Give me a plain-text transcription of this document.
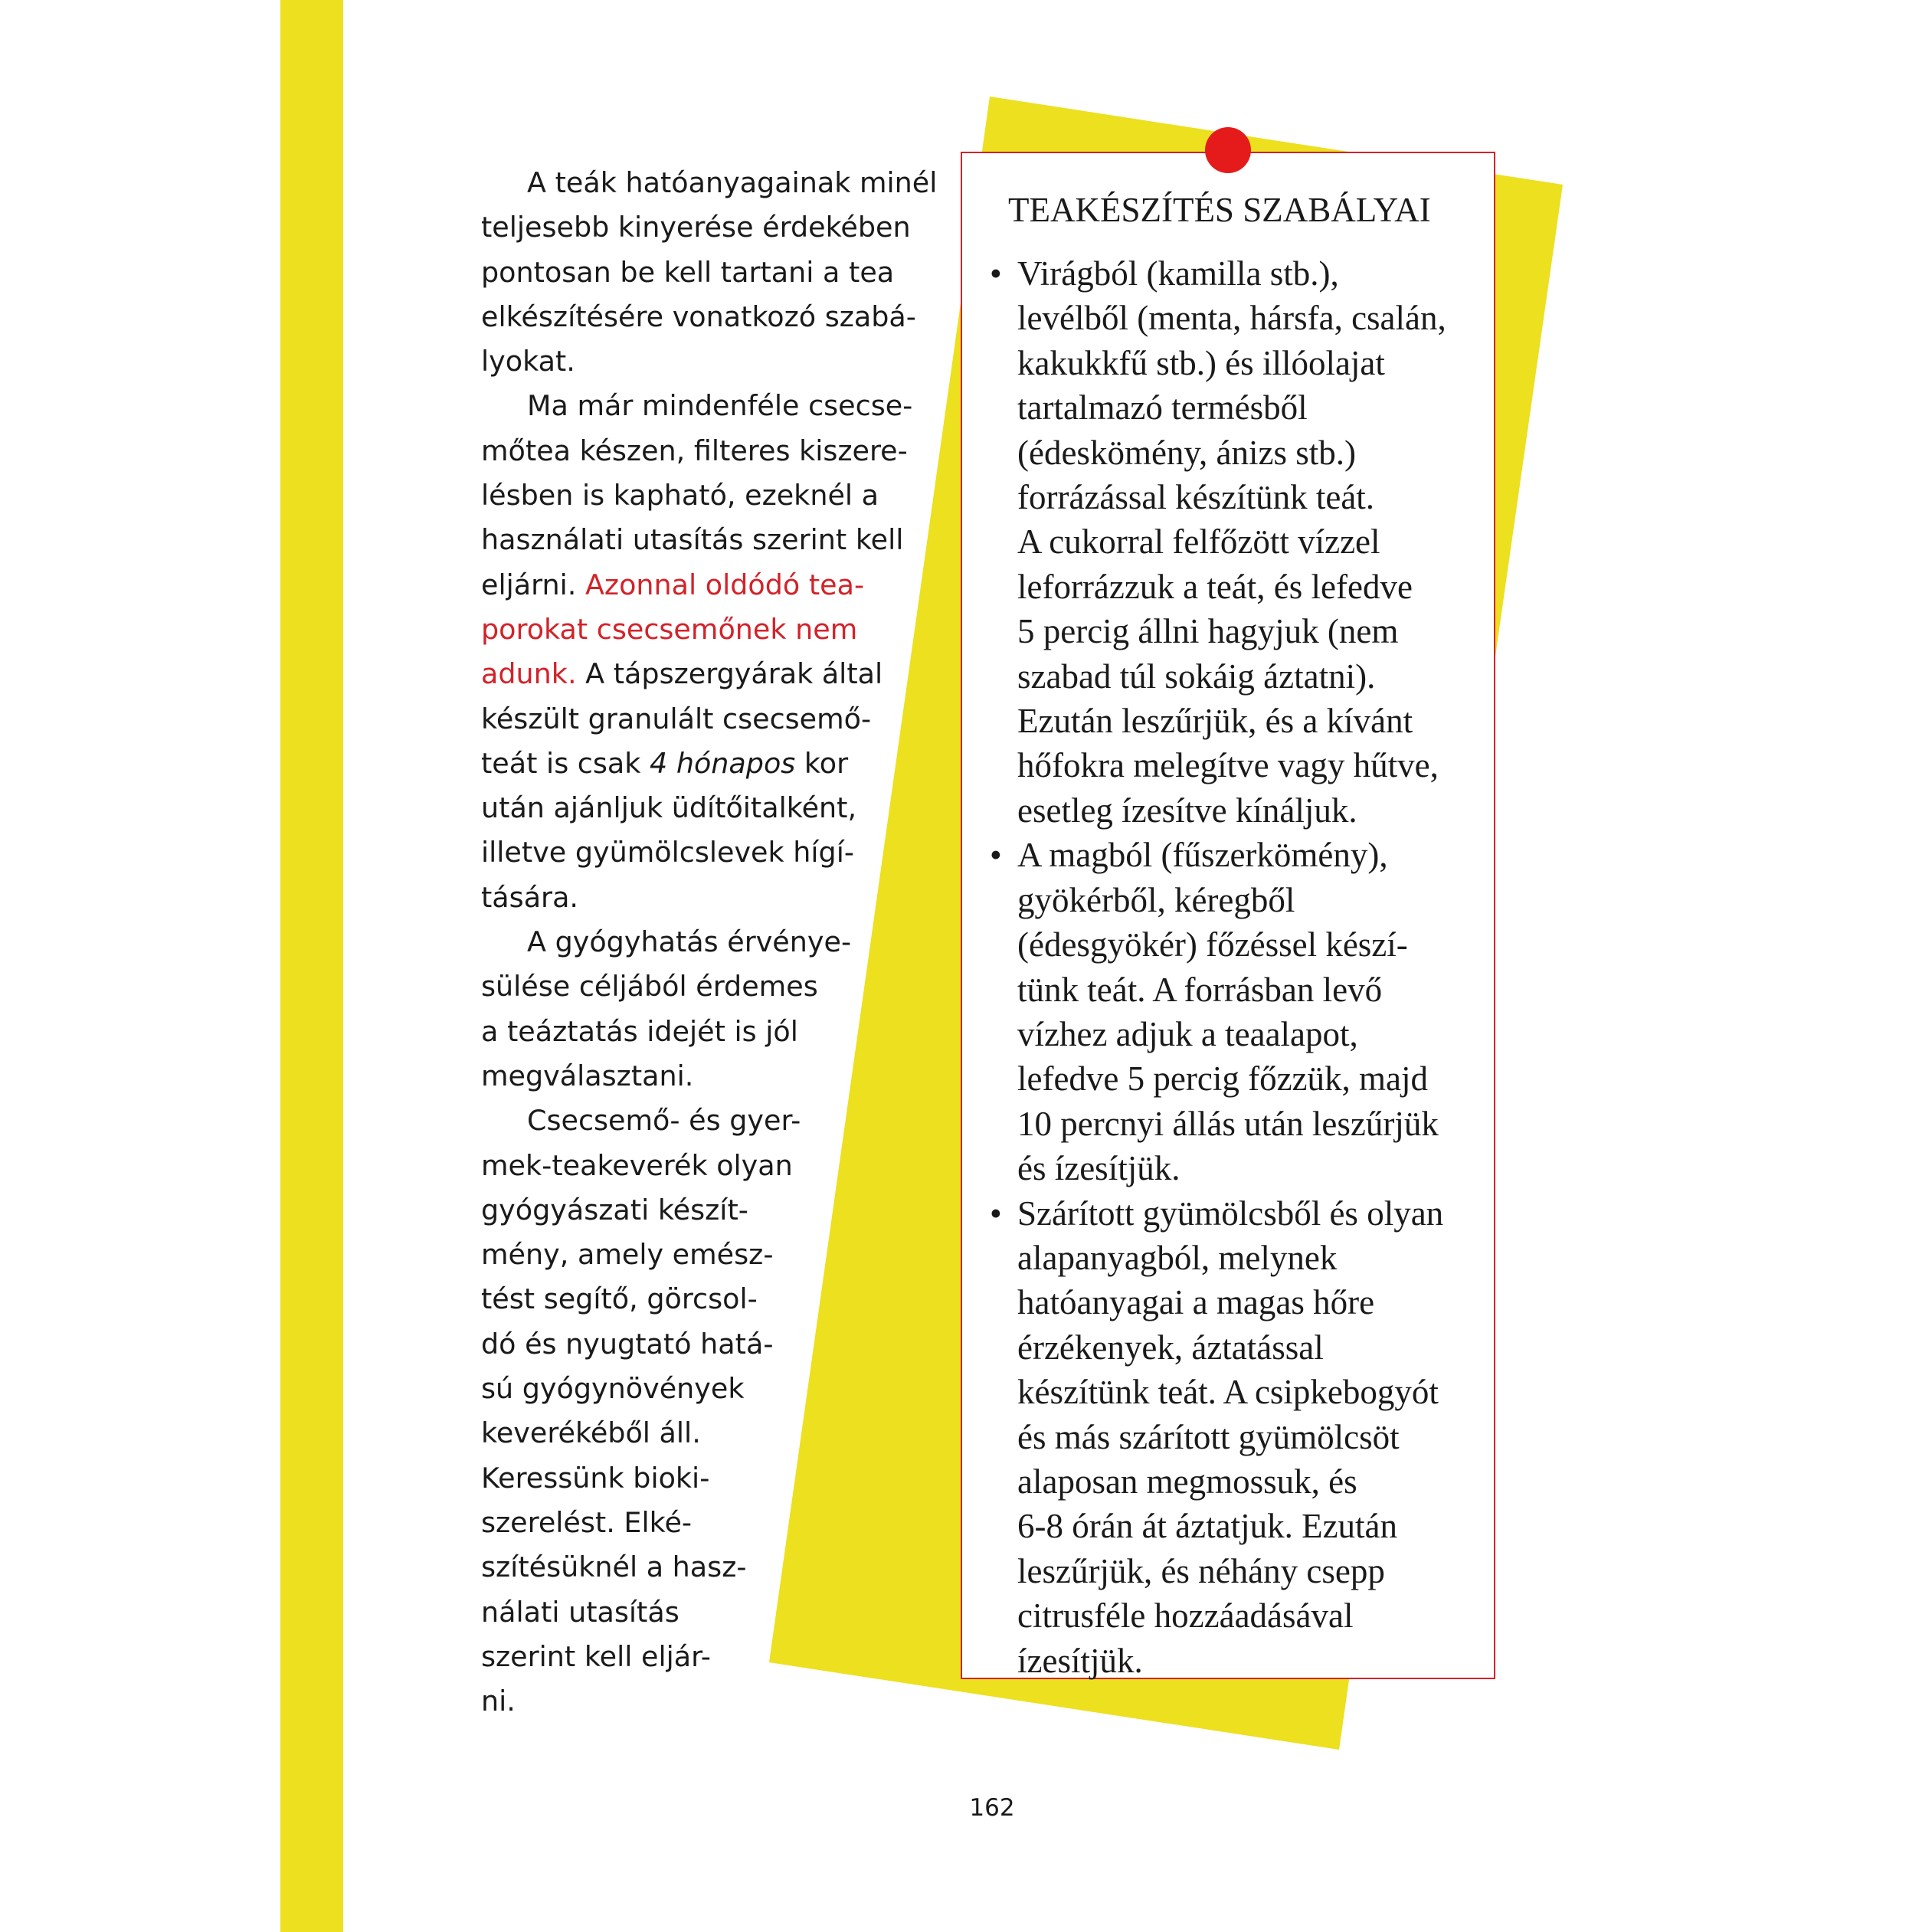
A teák hatóanyagainak minél
teljesebb kinyerése érdekében
pontosan be kell tartani a tea
elkészítésére vonatkozó szabá-
lyokat.
Ma már mindenféle csecse-
mőtea készen, filteres kiszere-
lésben is kapható, ezeknél a
használati utasítás szerint kell
eljárni. Azonnal oldódó tea-
porokat csecsemőnek nem
adunk. A tápszergyárak által
készült granulált csecsemő-
teát is csak 4 hónapos kor
után ajánljuk üdítőitalként,
illetve gyümölcslevek hígí-
tására.
A gyógyhatás érvénye-
sülése céljából érdemes
a teáztatás idejét is jól
megválasztani.
Csecsemő- és gyer-
mek-teakeverék olyan
gyógyászati készít-
mény, amely emész-
tést segítő, görcsol-
dó és nyugtató hatá-
sú gyógynövények
keverékéből áll.
Keressünk bioki-
szerelést. Elké-
szítésüknél a hasz-
nálati utasítás
szerint kell eljár-
ni.
TEAKÉSZÍTÉS SZABÁLYAI
• Virágból (kamilla stb.),
levélből (menta, hársfa, csalán,
kakukkfű stb.) és illóolajat
tartalmazó termésből
(édeskömény, ánizs stb.)
forrázással készítünk teát.
A cukorral felfőzött vízzel
leforrázzuk a teát, és lefedve
5 percig állni hagyjuk (nem
szabad túl sokáig áztatni).
Ezután leszűrjük, és a kívánt
hőfokra melegítve vagy hűtve,
esetleg ízesítve kínáljuk.
• A magból (fűszerkömény),
gyökérből, kéregből
(édesgyökér) főzéssel készí-
tünk teát. A forrásban levő
vízhez adjuk a teaalapot,
lefedve 5 percig főzzük, majd
10 percnyi állás után leszűrjük
és ízesítjük.
• Szárított gyümölcsből és olyan
alapanyagból, melynek
hatóanyagai a magas hőre
érzékenyek, áztatással
készítünk teát. A csipkebogyót
és más szárított gyümölcsöt
alaposan megmossuk, és
6-8 órán át áztatjuk. Ezután
leszűrjük, és néhány csepp
citrusféle hozzáadásával
ízesítjük.
162
